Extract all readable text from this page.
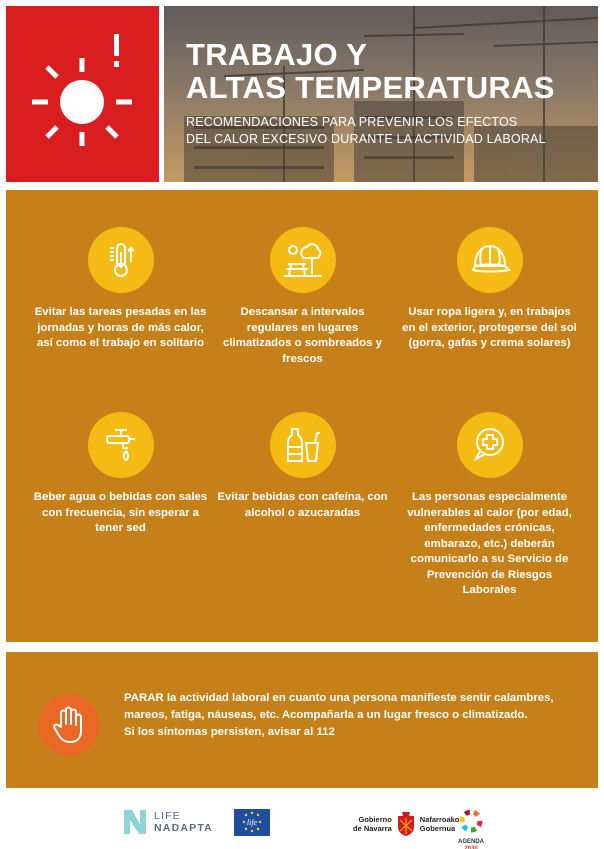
TRABAJO Y
ALTAS TEMPERATURAS
RECOMENDACIONES PARA PREVENIR LOS EFECTOS
DEL CALOR EXCESIVO DURANTE LA ACTIVIDAD LABORAL
Evitar las tareas pesadas en las jornadas y horas de más calor, así como el trabajo en solitario
Descansar a intervalos regulares en lugares climatizados o sombreados y frescos
Usar ropa ligera y, en trabajos en el exterior, protegerse del sol (gorra, gafas y crema solares)
Beber agua o bebidas con sales con frecuencia, sin esperar a tener sed
Evitar bebidas con cafeína, con alcohol o azucaradas
Las personas especialmente vulnerables al calor (por edad, enfermedades crónicas, embarazo, etc.) deberán comunicarlo a su Servicio de Prevención de Riesgos Laborales
PARAR la actividad laboral en cuanto una persona manifieste sentir calambres,
mareos, fatiga, náuseas, etc. Acompañarla a un lugar fresco o climatizado.
Si los síntomas persisten, avisar al 112
LIFE
NADAPTA	life	Gobierno
de Navarra
Nafarroako
Gobernua
AGENDA
2030
